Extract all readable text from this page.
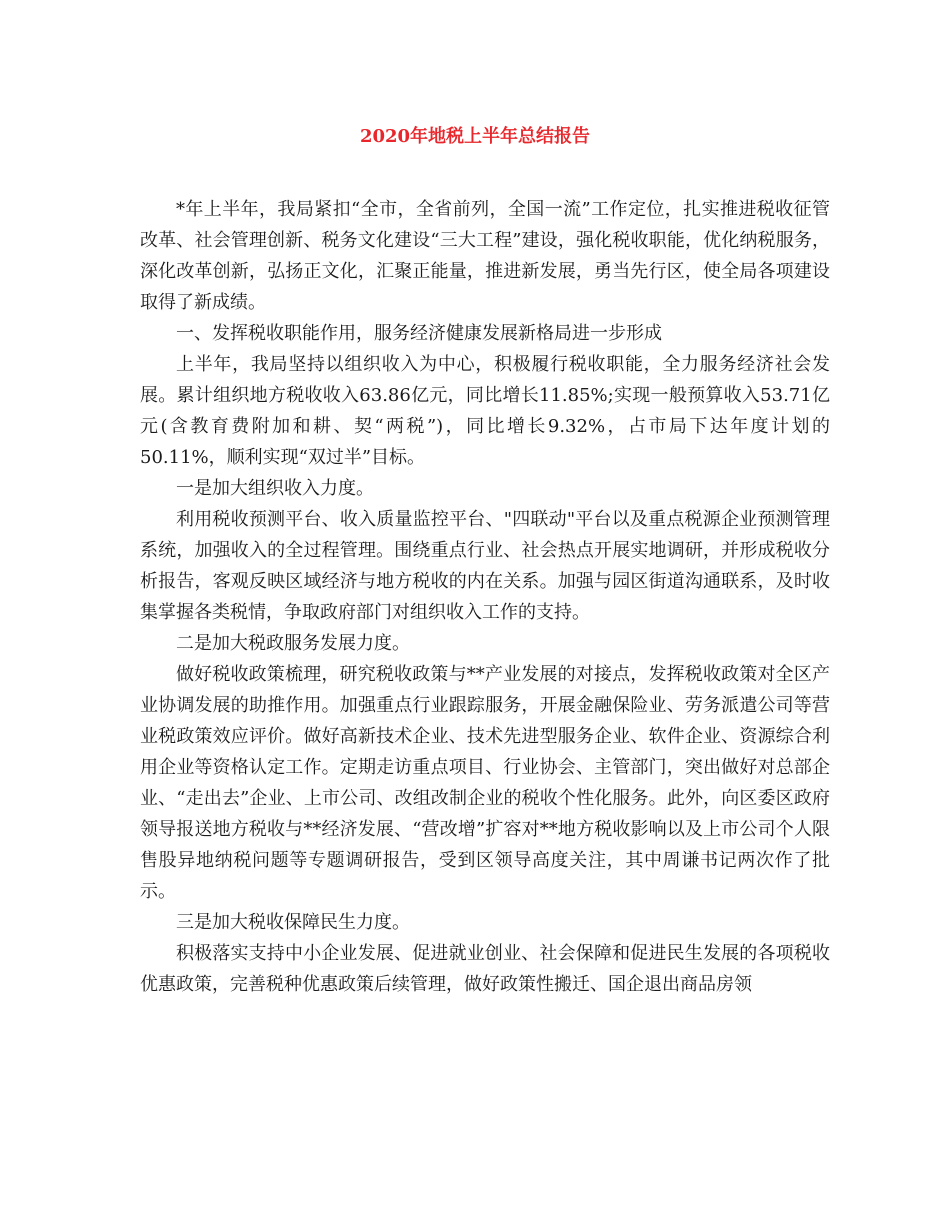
2020年地税上半年总结报告

*年上半年，我局紧扣“全市，全省前列，全国一流”工作定位，扎实推进税收征管改革、社会管理创新、税务文化建设“三大工程”建设，强化税收职能，优化纳税服务，深化改革创新，弘扬正文化，汇聚正能量，推进新发展，勇当先行区，使全局各项建设取得了新成绩。

一、发挥税收职能作用，服务经济健康发展新格局进一步形成

上半年，我局坚持以组织收入为中心，积极履行税收职能，全力服务经济社会发展。累计组织地方税收收入63.86亿元，同比增长11.85%;实现一般预算收入53.71亿元(含教育费附加和耕、契“两税”)，同比增长9.32%，占市局下达年度计划的50.11%，顺利实现“双过半”目标。

一是加大组织收入力度。

利用税收预测平台、收入质量监控平台、"四联动"平台以及重点税源企业预测管理系统，加强收入的全过程管理。围绕重点行业、社会热点开展实地调研，并形成税收分析报告，客观反映区域经济与地方税收的内在关系。加强与园区街道沟通联系，及时收集掌握各类税情，争取政府部门对组织收入工作的支持。

二是加大税政服务发展力度。

做好税收政策梳理，研究税收政策与**产业发展的对接点，发挥税收政策对全区产业协调发展的助推作用。加强重点行业跟踪服务，开展金融保险业、劳务派遣公司等营业税政策效应评价。做好高新技术企业、技术先进型服务企业、软件企业、资源综合利用企业等资格认定工作。定期走访重点项目、行业协会、主管部门，突出做好对总部企业、“走出去”企业、上市公司、改组改制企业的税收个性化服务。此外，向区委区政府领导报送地方税收与**经济发展、“营改增”扩容对**地方税收影响以及上市公司个人限售股异地纳税问题等专题调研报告，受到区领导高度关注，其中周谦书记两次作了批示。

三是加大税收保障民生力度。

积极落实支持中小企业发展、促进就业创业、社会保障和促进民生发展的各项税收优惠政策，完善税种优惠政策后续管理，做好政策性搬迁、国企退出商品房领
